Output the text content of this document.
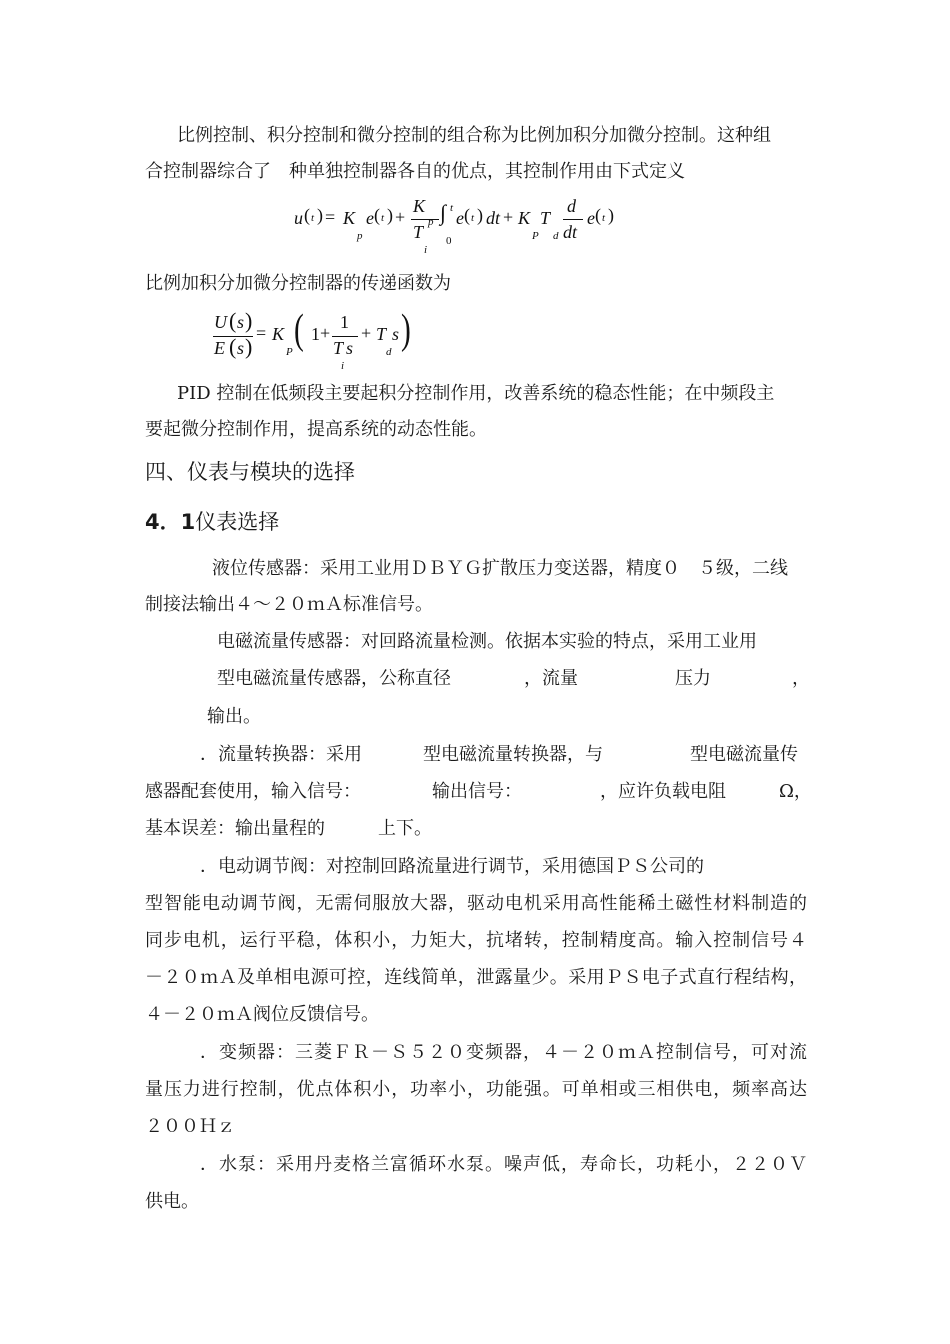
比例控制、积分控制和微分控制的组合称为比例加积分加微分控制。这种组

合控制器综合了　种单独控制器各自的优点，其控制作用由下式定义

u ( t ) = K
p
e ( t ) +
K
p
T
i
∫ t
0
e ( t ) dt + K
P
T
d
d
dt
e ( t )

比例加积分加微分控制器的传递函数为

U ( s )
E ( s )
= K
P ( 1 +
1
T s
i
+ T
d
s )

PID 控制在低频段主要起积分控制作用，改善系统的稳态性能；在中频段主

要起微分控制作用，提高系统的动态性能。

四、仪表与模块的选择

4．1仪表选择

液位传感器：采用工业用ＤＢＹＧ扩散压力变送器，精度０　５级，二线

制接法输出４～２０ｍＡ标准信号。

电磁流量传感器：对回路流量检测。依据本实验的特点，采用工业用

型电磁流量传感器，公称直径	，流量	压力	，

输出。

．流量转换器：采用	型电磁流量转换器，与	型电磁流量传

感器配套使用，输入信号：	输出信号：	，应许负载电阻	Ω，

基本误差：输出量程的	上下。

．电动调节阀：对控制回路流量进行调节，采用德国ＰＳ公司的

型智能电动调节阀，无需伺服放大器，驱动电机采用高性能稀土磁性材料制造的

同步电机，运行平稳，体积小，力矩大，抗堵转，控制精度高。输入控制信号４

－２０ｍＡ及单相电源可控，连线简单，泄露量少。采用ＰＳ电子式直行程结构，

４－２０ｍＡ阀位反馈信号。

．变频器：三菱ＦＲ－Ｓ５２０变频器，４－２０ｍＡ控制信号，可对流

量压力进行控制，优点体积小，功率小，功能强。可单相或三相供电，频率高达

２００Ｈｚ

．水泵：采用丹麦格兰富循环水泵。噪声低，寿命长，功耗小，２２０Ｖ

供电。
